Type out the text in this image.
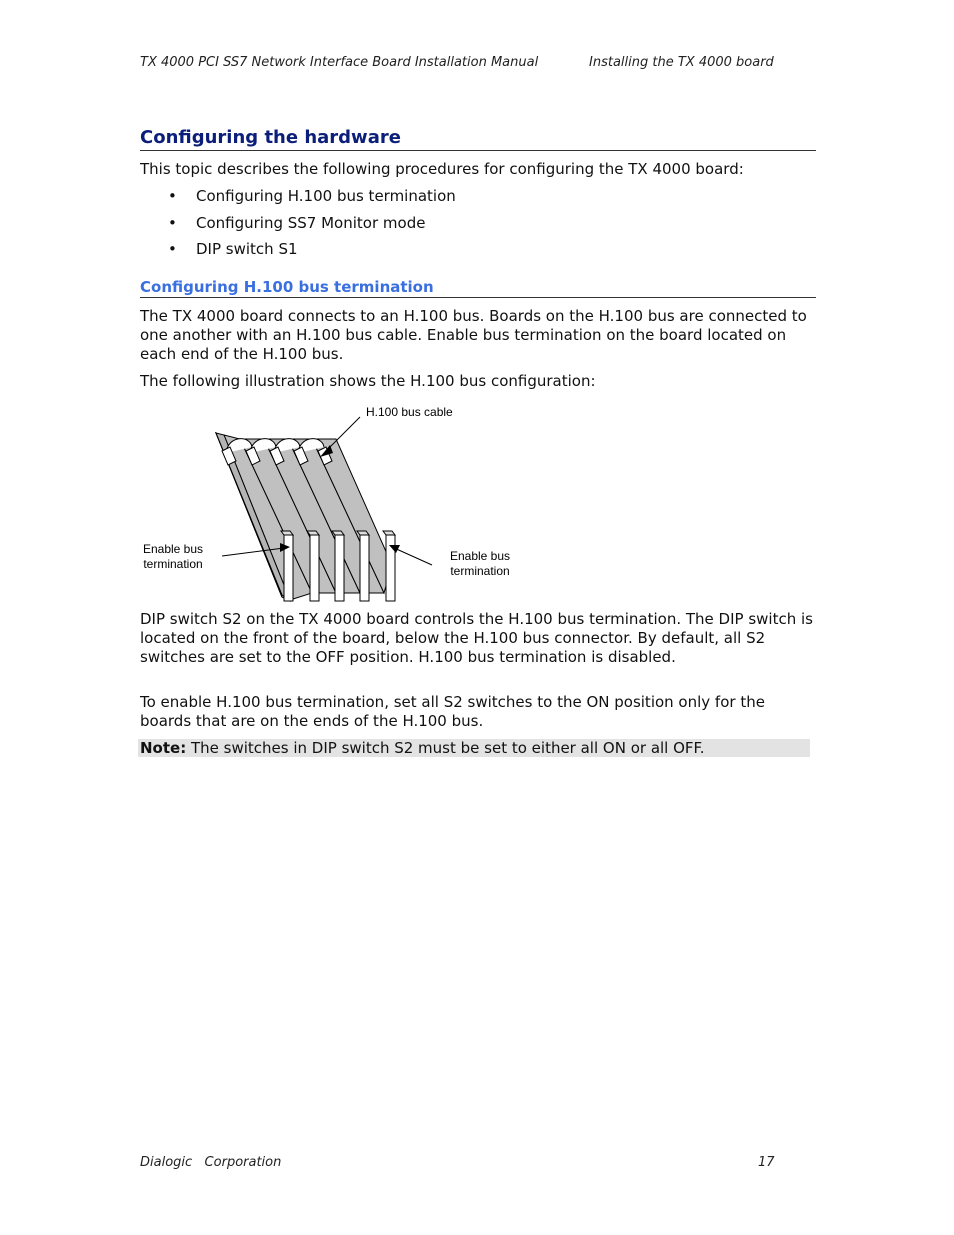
TX 4000 PCI SS7 Network Interface Board Installation Manual	Installing the TX 4000 board
Configuring the hardware

This topic describes the following procedures for configuring the TX 4000 board:

• Configuring H.100 bus termination
• Configuring SS7 Monitor mode
• DIP switch S1
Configuring H.100 bus termination

The TX 4000 board connects to an H.100 bus. Boards on the H.100 bus are connected to one another with an H.100 bus cable. Enable bus termination on the board located on each end of the H.100 bus.

The following illustration shows the H.100 bus configuration:

H.100 bus cable
Enable bus
termination
Enable bus
termination

DIP switch S2 on the TX 4000 board controls the H.100 bus termination. The DIP switch is located on the front of the board, below the H.100 bus connector. By default, all S2 switches are set to the OFF position. H.100 bus termination is disabled.

To enable H.100 bus termination, set all S2 switches to the ON position only for the boards that are on the ends of the H.100 bus.

Note: The switches in DIP switch S2 must be set to either all ON or all OFF.
Dialogic   Corporation	17
